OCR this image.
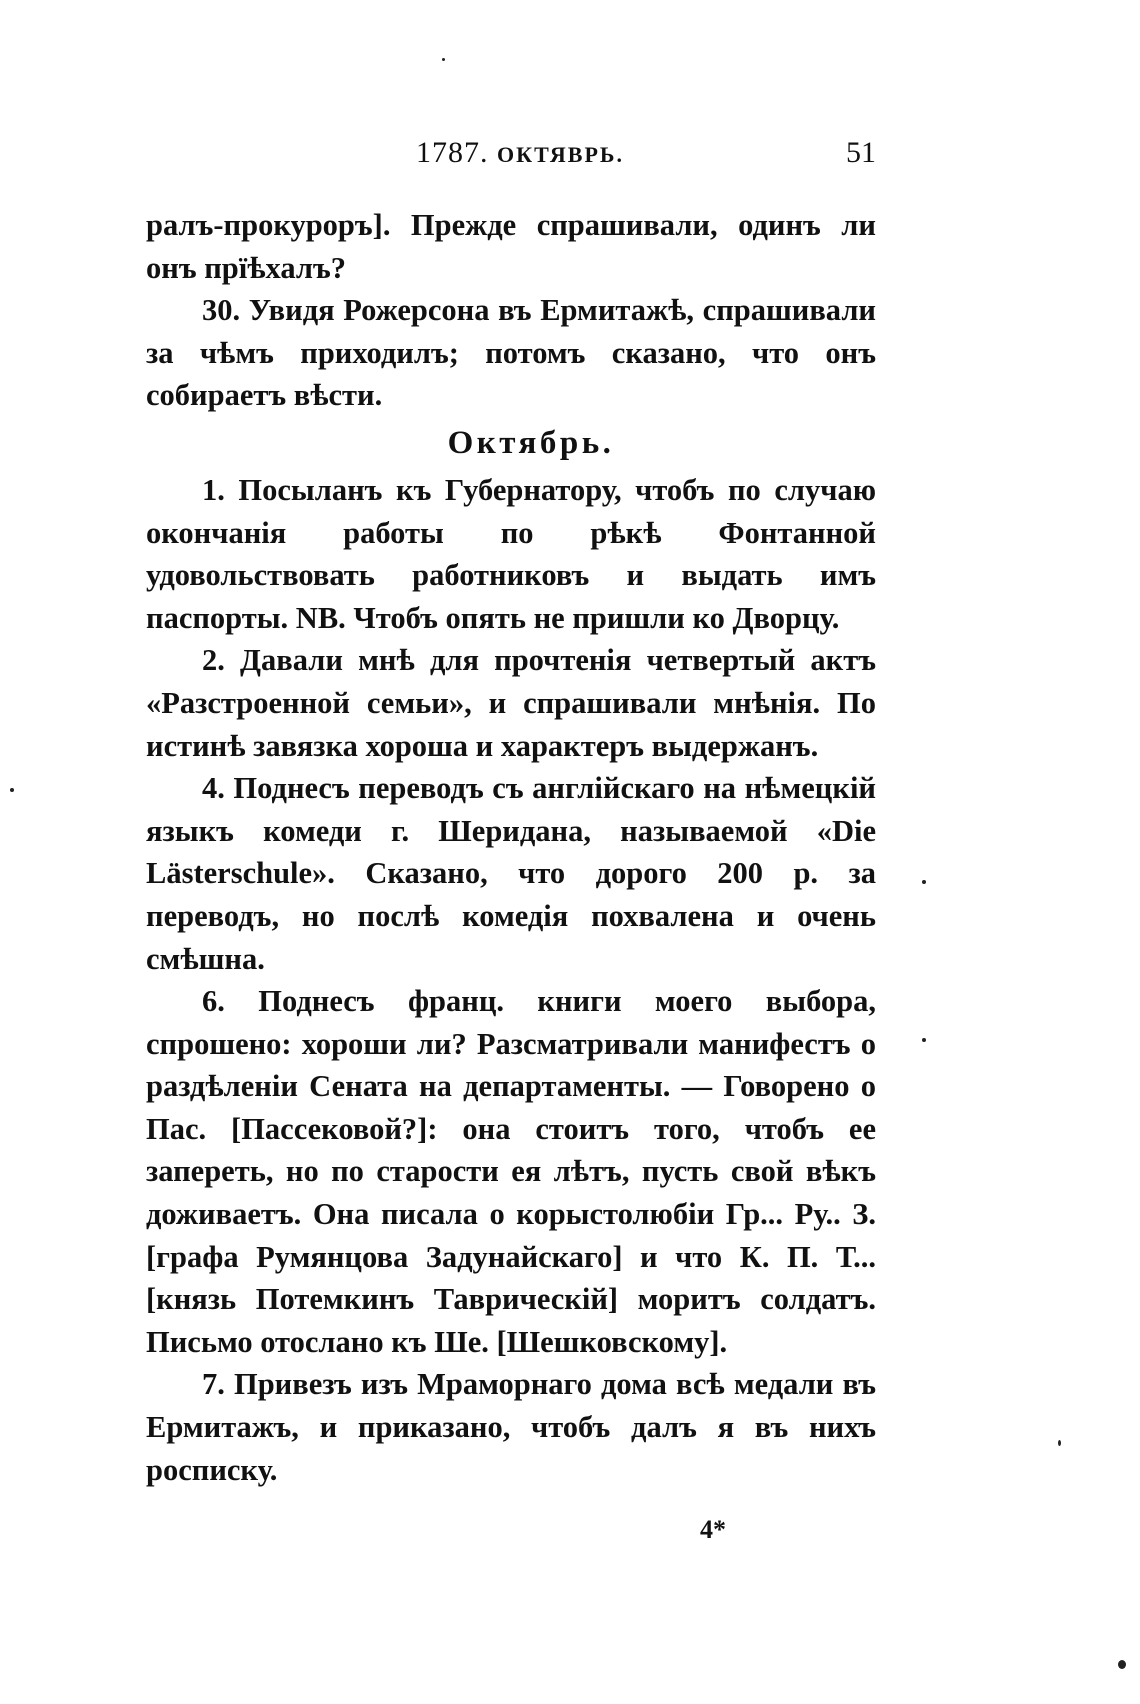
1787. ОКТЯВРЬ.	51

ралъ-прокуроръ]. Прежде спрашивали, одинъ ли онъ прїѣхалъ?

30. Увидя Рожерсона въ Ермитажѣ, спрашивали за чѣмъ приходилъ; потомъ сказано, что онъ собираетъ вѣсти.

Октябрь.

1. Посыланъ къ Губернатору, чтобъ по случаю окончанія работы по рѣкѣ Фонтанной удовольствовать работниковъ и выдать имъ паспорты. NB. Чтобъ опять не пришли ко Дворцу.

2. Давали мнѣ для прочтенія четвертый актъ «Разстроенной семьи», и спрашивали мнѣнія. По истинѣ завязка хороша и характеръ выдержанъ.

4. Поднесъ переводъ съ англійскаго на нѣмецкій языкъ комеди г. Шеридана, называемой «Die Lästerschule». Сказано, что дорого 200 р. за переводъ, но послѣ комедія похвалена и очень смѣшна.

6. Поднесъ франц. книги моего выбора, спрошено: хороши ли? Разсматривали манифестъ о раздѣленіи Сената на департаменты. — Говорено о Пас. [Пассековой?]: она стоитъ того, чтобъ ее запереть, но по старости ея лѣтъ, пусть свой вѣкъ доживаетъ. Она писала о корыстолюбіи Гр... Ру.. З. [графа Румянцова Задунайскаго] и что К. П. Т... [князь Потемкинъ Таврическій] моритъ солдатъ. Письмо отослано къ Ше. [Шешковскому].

7. Привезъ изъ Мраморнаго дома всѣ медали въ Ермитажъ, и приказано, чтобъ далъ я въ нихъ росписку.

4*
